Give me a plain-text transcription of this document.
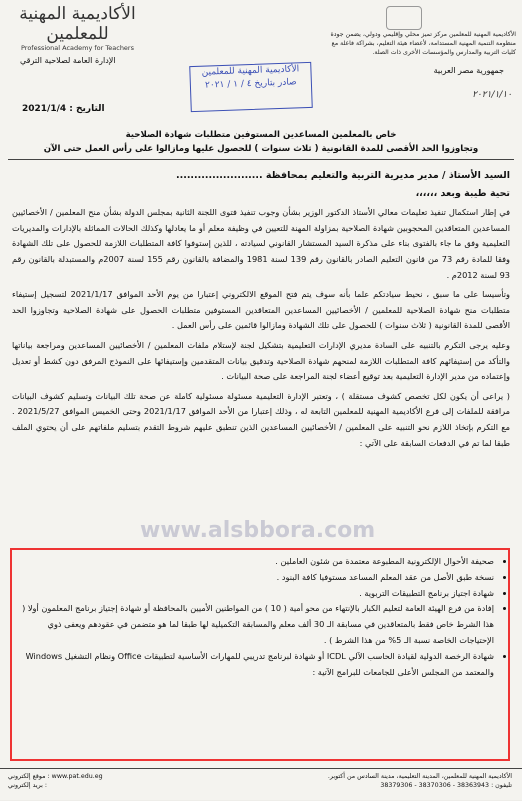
الأكاديمية المهنية للمعلمين مركز تميز محلي وإقليمي ودولي، يضمن جودة منظومة التنمية المهنية المستدامة، لأعضاء هيئة التعليم، بشراكة فاعلة مع كليات التربية والمدارس والمؤسسات الأخرى ذات الصلة.
جمهورية مصر العربية
الأكاديمية المهنية للمعلمين
Professional Academy for Teachers
الإدارة العامة لصلاحية الترقي
التاريخ : 2021/1/4
الأكاديمية المهنية للمعلمين
صادر بتاريخ ٤ / ١ / ٢٠٢١
٢٠٢١/١/١٠
خاص بالمعلمين المساعدين المستوفين متطلبات شهادة الصلاحية
وتجاوزوا الحد الأقصى للمدة القانونية ( ثلاث سنوات ) للحصول عليها ومازالوا على رأس العمل حتى الآن

السيد الأستاذ / مدير مديرية التربية والتعليم بمحافظة ........................

تحية طيبة وبعد ،،،،،،

في إطار استكمال تنفيذ تعليمات معالي الأستاذ الدكتور الوزير بشأن وجوب تنفيذ فتوى اللجنة الثانية بمجلس الدولة بشأن منح المعلمين / الأخصائيين المساعدين المتعاقدين المحجوبين شهادة الصلاحية بمزاولة المهنة للتعيين في وظيفة معلم أو ما يعادلها وكذلك الحالات المماثلة بالإدارات والمديريات التعليمية وفق ما جاء بالفتوى بناء على مذكرة السيد المستشار القانوني لسيادته ، للذين إستوفوا كافة المتطلبات اللازمة للحصول على تلك الشهادة وفقا للمادة رقم 73 من قانون التعليم الصادر بالقانون رقم 139 لسنة 1981 والمضافة بالقانون رقم 155 لسنة 2007م والمستبدلة بالقانون رقم 93 لسنة 2012م .

وتأسيسا على ما سبق ، نحيط سيادتكم علما بأنه سوف يتم فتح الموقع الالكتروني إعتبارا من يوم الأحد الموافق 2021/1/17 لتسجيل إستيفاء متطلبات منح شهادة الصلاحية للمعلمين / الأخصائيين المساعدين المتعاقدين المستوفين متطلبات الحصول على شهادة الصلاحية وتجاوزوا الحد الأقصى للمدة القانونية ( ثلاث سنوات ) للحصول على تلك الشهادة ومازالوا قائمين على رأس العمل .

وعليه يرجى التكرم بالتنبيه على السادة مديري الإدارات التعليمية بتشكيل لجنة لإستلام ملفات المعلمين / الأخصائيين المساعدين ومراجعة بياناتها والتأكد من إستيفائهم كافة المتطلبات اللازمة لمنحهم شهادة الصلاحية وتدقيق بيانات المتقدمين وإستيفائها على النموذج المرفق دون كشط أو تعديل وإعتماده من مدير الإدارة التعليمية بعد توقيع أعضاء لجنة المراجعة على صحة البيانات .

( يراعى أن يكون لكل تخصص كشوف مستقلة ) ، وتعتبر الإدارة التعليمية مسئولة مسئولية كاملة عن صحة تلك البيانات وتسليم كشوف البيانات مرافقة للملفات إلى فرع الأكاديمية المهنية للمعلمين التابعة له ، وذلك إعتبارا من الأحد الموافق 2021/1/17 وحتى الخميس الموافق 2021/5/27 . مع التكرم بإتخاذ اللازم نحو التنبيه على المعلمين / الأخصائيين المساعدين الذين تنطبق عليهم شروط التقدم بتسليم ملفاتهم على أن يحتوي الملف طبقا لما تم في الدفعات السابقة على الآتي :

www.alsbbora.com
• صحيفة الأحوال الإلكترونية المطبوعة معتمدة من شئون العاملين .
• نسخة طبق الأصل من عقد المعلم المساعد مستوفيا كافة البنود .
• شهادة اجتياز برنامج التطبيقات التربوية .
• إفادة من فرع الهيئة العامة لتعليم الكبار بالإنتهاء من محو أمية ( 10 ) من المواطنين الأميين بالمحافظة أو شهادة إجتياز برنامج المعلمون أولا ( هذا الشرط خاص فقط بالمتعاقدين في مسابقة الـ 30 ألف معلم والمسابقة التكميلية لها طبقا لما هو متضمن في عقودهم ويعفى ذوي الإحتياجات الخاصة نسبة الـ 5% من هذا الشرط ) .
• شهادة الرخصة الدولية لقيادة الحاسب الآلي ICDL أو شهادة لبرنامج تدريبي للمهارات الأساسية لتطبيقات Office ونظام التشغيل Windows والمعتمد من المجلس الأعلى للجامعات للبرامج الآتية :
الأكاديمية المهنية للمعلمين، المدينة التعليمية، مدينة السادس من أكتوبر.
تليفون : 38363943 - 38370306 - 38379306
موقع إلكتروني : www.pat.edu.eg
بريد إلكتروني :
